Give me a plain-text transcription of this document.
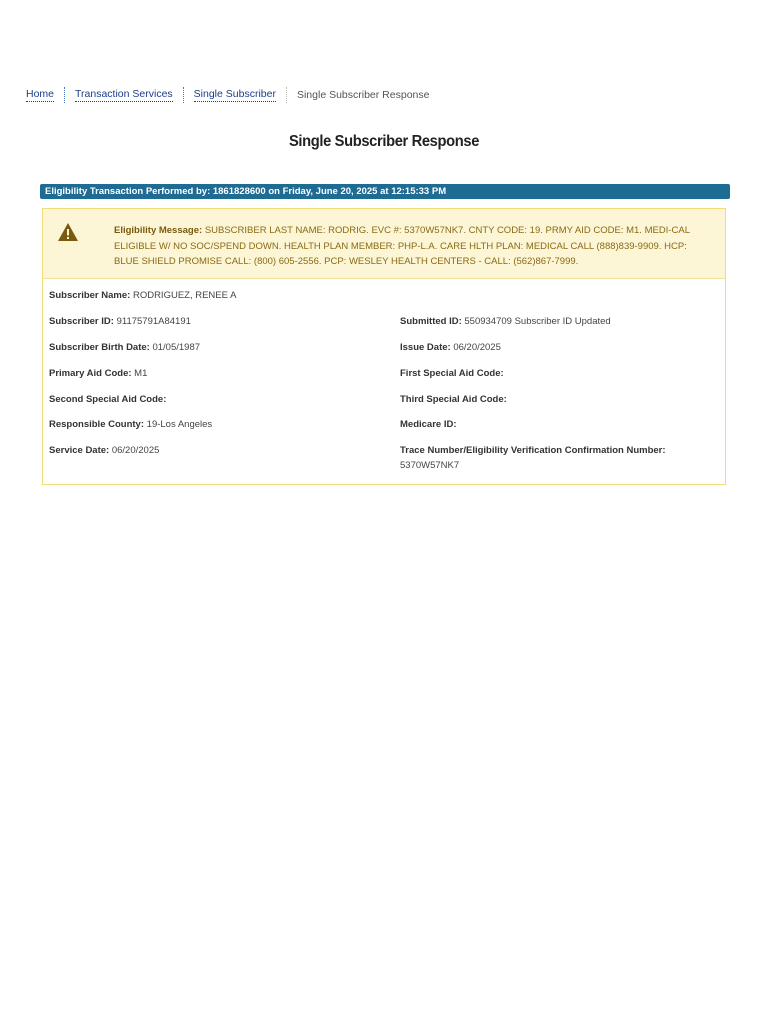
Home Transaction Services Single Subscriber Single Subscriber Response
Single Subscriber Response
Eligibility Transaction Performed by: 1861828600 on Friday, June 20, 2025 at 12:15:33 PM
Eligibility Message: SUBSCRIBER LAST NAME: RODRIG. EVC #: 5370W57NK7. CNTY CODE: 19. PRMY AID CODE: M1. MEDI-CAL ELIGIBLE W/ NO SOC/SPEND DOWN. HEALTH PLAN MEMBER: PHP-L.A. CARE HLTH PLAN: MEDICAL CALL (888)839-9909. HCP: BLUE SHIELD PROMISE CALL: (800) 605-2556. PCP: WESLEY HEALTH CENTERS - CALL: (562)867-7999.
Subscriber Name: RODRIGUEZ, RENEE A
Subscriber ID: 91175791A84191	Submitted ID: 550934709 Subscriber ID Updated
Subscriber Birth Date: 01/05/1987	Issue Date: 06/20/2025
Primary Aid Code: M1	First Special Aid Code:
Second Special Aid Code:	Third Special Aid Code:
Responsible County: 19-Los Angeles	Medicare ID:
Service Date: 06/20/2025	Trace Number/Eligibility Verification Confirmation Number:
5370W57NK7
